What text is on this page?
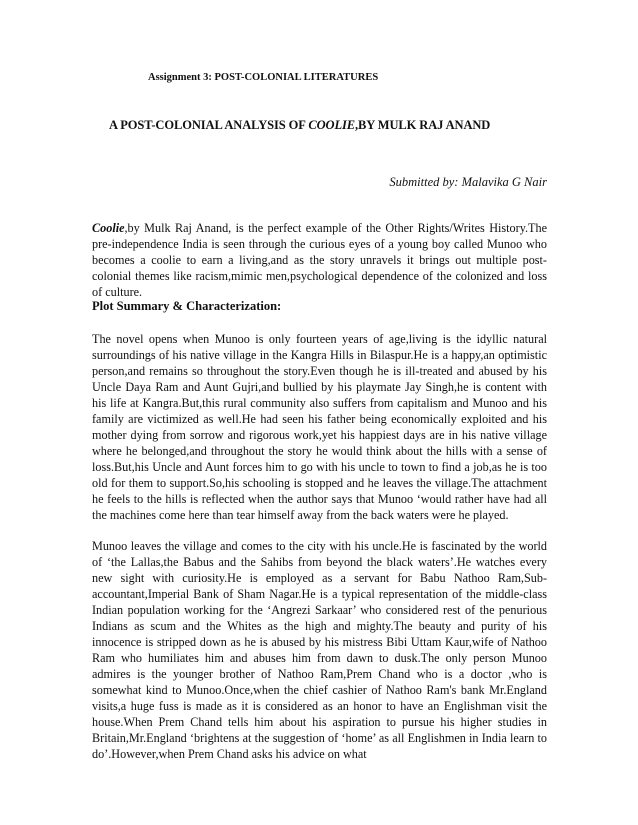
Assignment 3: POST-COLONIAL LITERATURES
A POST-COLONIAL ANALYSIS OF COOLIE,BY MULK RAJ ANAND
Submitted by: Malavika G Nair

Coolie,by Mulk Raj Anand, is the perfect example of the Other Rights/Writes History.The pre-independence India is seen through the curious eyes of a young boy called Munoo who becomes a coolie to earn a living,and as the story unravels it brings out multiple post-colonial themes like racism,mimic men,psychological dependence of the colonized and loss of culture.

Plot Summary & Characterization:

The novel opens when Munoo is only fourteen years of age,living is the idyllic natural surroundings of his native village in the Kangra Hills in Bilaspur.He is a happy,an optimistic person,and remains so throughout the story.Even though he is ill-treated and abused by his Uncle Daya Ram and Aunt Gujri,and bullied by his playmate Jay Singh,he is content with his life at Kangra.But,this rural community also suffers from capitalism and Munoo and his family are victimized as well.He had seen his father being economically exploited and his mother dying from sorrow and rigorous work,yet his happiest days are in his native village where he belonged,and throughout the story he would think about the hills with a sense of loss.But,his Uncle and Aunt forces him to go with his uncle to town to find a job,as he is too old for them to support.So,his schooling is stopped and he leaves the village.The attachment he feels to the hills is reflected when the author says that Munoo ‘would rather have had all the machines come here than tear himself away from the back waters were he played.

Munoo leaves the village and comes to the city with his uncle.He is fascinated by the world of ‘the Lallas,the Babus and the Sahibs from beyond the black waters’.He watches every new sight with curiosity.He is employed as a servant for Babu Nathoo Ram,Sub-accountant,Imperial Bank of Sham Nagar.He is a typical representation of the middle-class Indian population working for the ‘Angrezi Sarkaar’ who considered rest of the penurious Indians as scum and the Whites as the high and mighty.The beauty and purity of his innocence is stripped down as he is abused by his mistress Bibi Uttam Kaur,wife of Nathoo Ram who humiliates him and abuses him from dawn to dusk.The only person Munoo admires is the younger brother of Nathoo Ram,Prem Chand who is a doctor ,who is somewhat kind to Munoo.Once,when the chief cashier of Nathoo Ram's bank Mr.England visits,a huge fuss is made as it is considered as an honor to have an Englishman visit the house.When Prem Chand tells him about his aspiration to pursue his higher studies in Britain,Mr.England ‘brightens at the suggestion of ‘home’ as all Englishmen in India learn to do’.However,when Prem Chand asks his advice on what
